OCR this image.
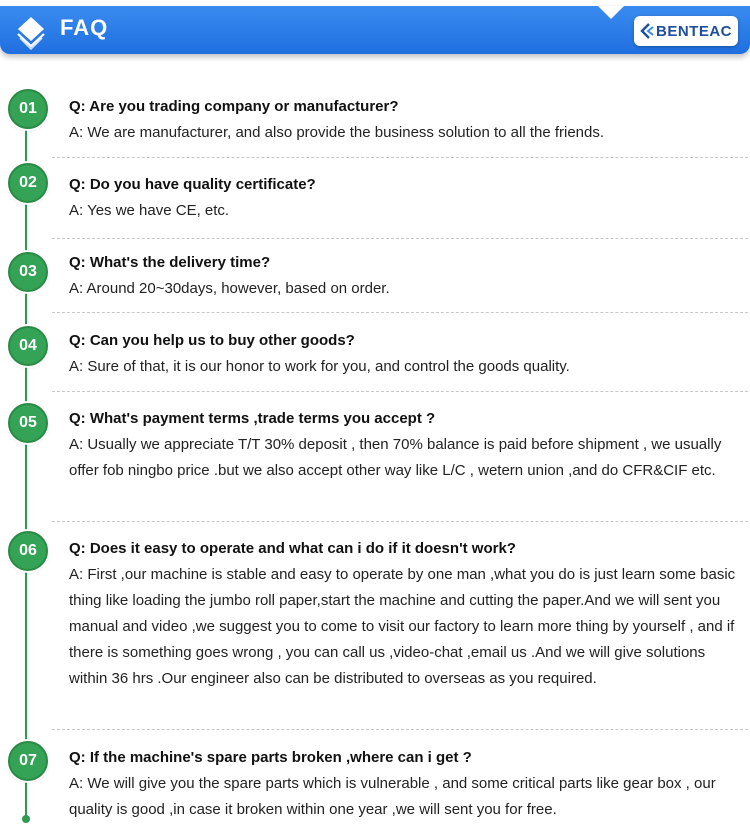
FAQ	BENTEAC
01	Q: Are you trading company or manufacturer?
A: We are manufacturer, and also provide the business solution to all the friends.
02	Q: Do you have quality certificate?
A: Yes we have CE, etc.
03
Q: What's the delivery time?
A: Around 20~30days, however, based on order.
04	Q: Can you help us to buy other goods?
A: Sure of that, it is our honor to work for you, and control the goods quality.
05	Q: What's payment terms ,trade terms you accept ?
A: Usually we appreciate T/T 30% deposit , then 70% balance is paid before shipment , we usually offer fob ningbo price .but we also accept other way like L/C , wetern union ,and do CFR&CIF etc.
06	Q: Does it easy to operate and what can i do if it doesn't work?
A: First ,our machine is stable and easy to operate by one man ,what you do is just learn some basic thing like loading the jumbo roll paper,start the machine and cutting the paper.And we will sent you manual and video ,we suggest you to come to visit our factory to learn more thing by yourself , and if there is something goes wrong , you can call us ,video-chat ,email us .And we will give solutions within 36 hrs .Our engineer also can be distributed to overseas as you required.
07	Q: If the machine's spare parts broken ,where can i get ?
A: We will give you the spare parts which is vulnerable , and some critical parts like gear box , our quality is good ,in case it broken within one year ,we will sent you for free.
